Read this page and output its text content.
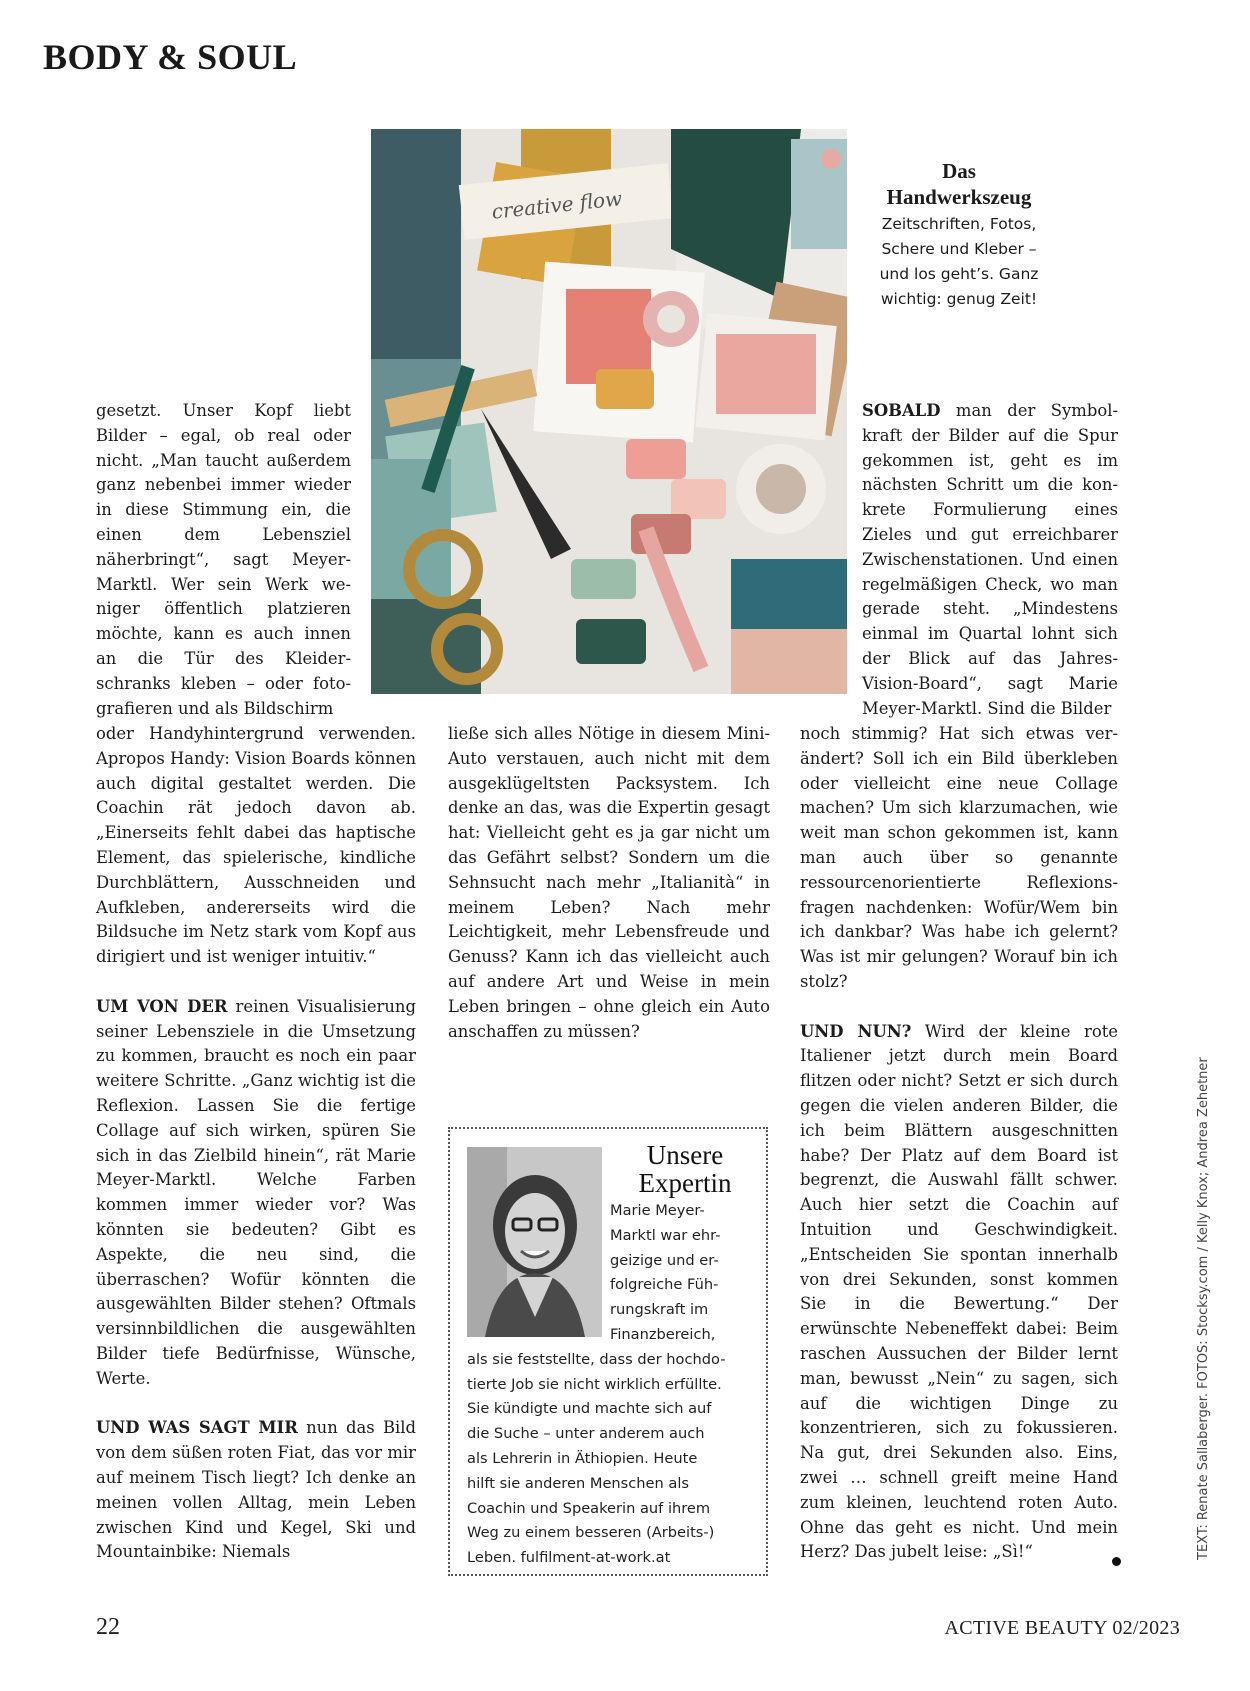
BODY & SOUL
creative flow
Das
Handwerkszeug
Zeitschriften, Fotos,
Schere und Kleber –
und los geht’s. Ganz
wichtig: genug Zeit!

gesetzt. Unser Kopf liebt Bilder – egal, ob real oder nicht. „Man taucht außerdem ganz nebenbei immer wieder in diese Stimmung ein, die einen dem Lebensziel näherbringt“, sagt Meyer-Marktl. Wer sein Werk weniger öffentlich platzieren möchte, kann es auch innen an die Tür des Kleiderschranks kleben – oder fotografieren und als Bildschirm

oder Handyhintergrund verwenden. Apropos Handy: Vision Boards können auch digital gestaltet werden. Die Coachin rät jedoch davon ab. „Einerseits fehlt dabei das haptische Element, das spielerische, kindliche Durchblättern, Ausschneiden und Aufkleben, andererseits wird die Bildsuche im Netz stark vom Kopf aus dirigiert und ist weniger intuitiv.“

UM VON DER reinen Visualisierung seiner Lebensziele in die Umsetzung zu kommen, braucht es noch ein paar weitere Schritte. „Ganz wichtig ist die Reflexion. Lassen Sie die fertige Collage auf sich wirken, spüren Sie sich in das Zielbild hinein“, rät Marie Meyer-Marktl. Welche Farben kommen immer wieder vor? Was könnten sie bedeuten? Gibt es Aspekte, die neu sind, die überraschen? Wofür könnten die ausgewählten Bilder stehen? Oftmals versinnbildlichen die ausgewählten Bilder tiefe Bedürfnisse, Wünsche, Werte.

UND WAS SAGT MIR nun das Bild von dem süßen roten Fiat, das vor mir auf meinem Tisch liegt? Ich denke an meinen vollen Alltag, mein Leben zwischen Kind und Kegel, Ski und Mountainbike: Niemals

ließe sich alles Nötige in diesem Mini-Auto verstauen, auch nicht mit dem ausgeklügeltsten Packsystem. Ich denke an das, was die Expertin gesagt hat: Vielleicht geht es ja gar nicht um das Gefährt selbst? Sondern um die Sehnsucht nach mehr „Italianità“ in meinem Leben? Nach mehr Leichtigkeit, mehr Lebensfreude und Genuss? Kann ich das vielleicht auch auf andere Art und Weise in mein Leben bringen – ohne gleich ein Auto anschaffen zu müssen?

Unsere
Expertin
Marie Meyer-
Marktl war ehr-
geizige und er-
folgreiche Füh-
rungskraft im
Finanzbereich,
als sie feststellte, dass der hochdo-
tierte Job sie nicht wirklich erfüllte.
Sie kündigte und machte sich auf
die Suche – unter anderem auch
als Lehrerin in Äthiopien. Heute
hilft sie anderen Menschen als
Coachin und Speakerin auf ihrem
Weg zu einem besseren (Arbeits-)
Leben. fulfilment-at-work.at

SOBALD man der Symbolkraft der Bilder auf die Spur gekommen ist, geht es im nächsten Schritt um die konkrete Formulierung eines Zieles und gut erreichbarer Zwischenstationen. Und einen regelmäßigen Check, wo man gerade steht. „Mindestens einmal im Quartal lohnt sich der Blick auf das Jahres-Vision-Board“, sagt Marie Meyer-Marktl. Sind die Bilder

noch stimmig? Hat sich etwas verändert? Soll ich ein Bild überkleben oder vielleicht eine neue Collage machen? Um sich klarzumachen, wie weit man schon gekommen ist, kann man auch über so genannte ressourcenorientierte Reflexionsfragen nachdenken: Wofür/Wem bin ich dankbar? Was habe ich gelernt? Was ist mir gelungen? Worauf bin ich stolz?

UND NUN? Wird der kleine rote Italiener jetzt durch mein Board flitzen oder nicht? Setzt er sich durch gegen die vielen anderen Bilder, die ich beim Blättern ausgeschnitten habe? Der Platz auf dem Board ist begrenzt, die Auswahl fällt schwer. Auch hier setzt die Coachin auf Intuition und Geschwindigkeit. „Entscheiden Sie spontan innerhalb von drei Sekunden, sonst kommen Sie in die Bewertung.“ Der erwünschte Nebeneffekt dabei: Beim raschen Aussuchen der Bilder lernt man, bewusst „Nein“ zu sagen, sich auf die wichtigen Dinge zu konzentrieren, sich zu fokussieren. Na gut, drei Sekunden also. Eins, zwei … schnell greift meine Hand zum kleinen, leuchtend roten Auto. Ohne das geht es nicht. Und mein Herz? Das jubelt leise: „Sì!“	TEXT: Renate Sallaberger. FOTOS: Stocksy.com / Kelly Knox; Andrea Zehetner
22	ACTIVE BEAUTY 02/2023
